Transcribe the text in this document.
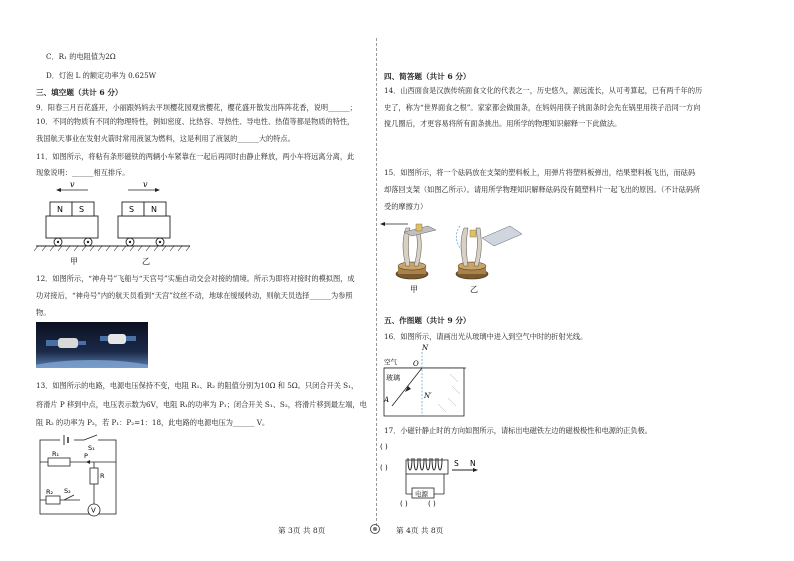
C．R₁ 的电阻值为2Ω
D．灯泡 L 的额定功率为 0.625W
三、填空题（共计 6 分）
9．阳春三月百花盛开，小丽跟妈妈去平坝樱花园观赏樱花，樱花盛开散发出阵阵花香，说明______；
10．不同的物质有不同的物理特性，例如密度、比热容、导热性、导电性、热值等都是物质的特性，
我国航天事业在发射火箭时常用液氢为燃料，这是利用了液氢的______大的特点。
11．如图所示，将粘有条形磁铁的两辆小车紧靠在一起后再同时由静止释放，两小车将远离分离，此
现象说明：______相互排斥。
v	v
N S	S N
甲	乙
12．如图所示，“神舟号”飞船与“天宫号”实施自动交会对接的情境。所示为即将对接时的模拟图，成
功对接后，“神舟号”内的航天员看到“天宫”纹丝不动，地球在缓缓转动，则航天员选择______为参照
物。
13．如图所示的电路，电源电压保持不变，电阻 R₁、R₂ 的阻值分别为10Ω 和 5Ω。只闭合开关 S₁，
将滑片 P 移到中点，电压表示数为6V，电阻 R₁的功率为 P₁；闭合开关 S₁、S₂，将滑片移到最左端，电
阻 R₂ 的功率为 P₂，若 P₁：P₂=1：18，此电路的电源电压为______ V。
S₁
R₁	P
R
R₂ S₂
V
第 3页 共 8页
四、简答题（共计 6 分）
14．山西面食是汉族传统面食文化的代表之一，历史悠久，源远流长，从可考算起，已有两千年的历
史了，称为“世界面食之根”。家家都会做面条，在妈妈用筷子挑面条时会先在锅里用筷子沿同一方向
搅几圈后，才更容易将所有面条挑出。用所学的物理知识解释一下此做法。
15．如图所示，将一个砝码放在支架的塑料板上，用弹片将塑料板弹出，结果塑料板飞出，而砝码
却落回支架（如图乙所示）。请用所学物理知识解释砝码没有随塑料片一起飞出的原因。（不计砝码所
受的摩擦力）
甲	乙
五、作图题（共计 9 分）
16．如图所示，请画出光从玻璃中进入到空气中时的折射光线。
N
空气 O
玻璃
A	N′
17．小磁针静止时的方向如图所示，请标出电磁铁左边的磁极极性和电源的正负极。
( )
( )
电源
( )	( )
S N
第 4页 共 8页
